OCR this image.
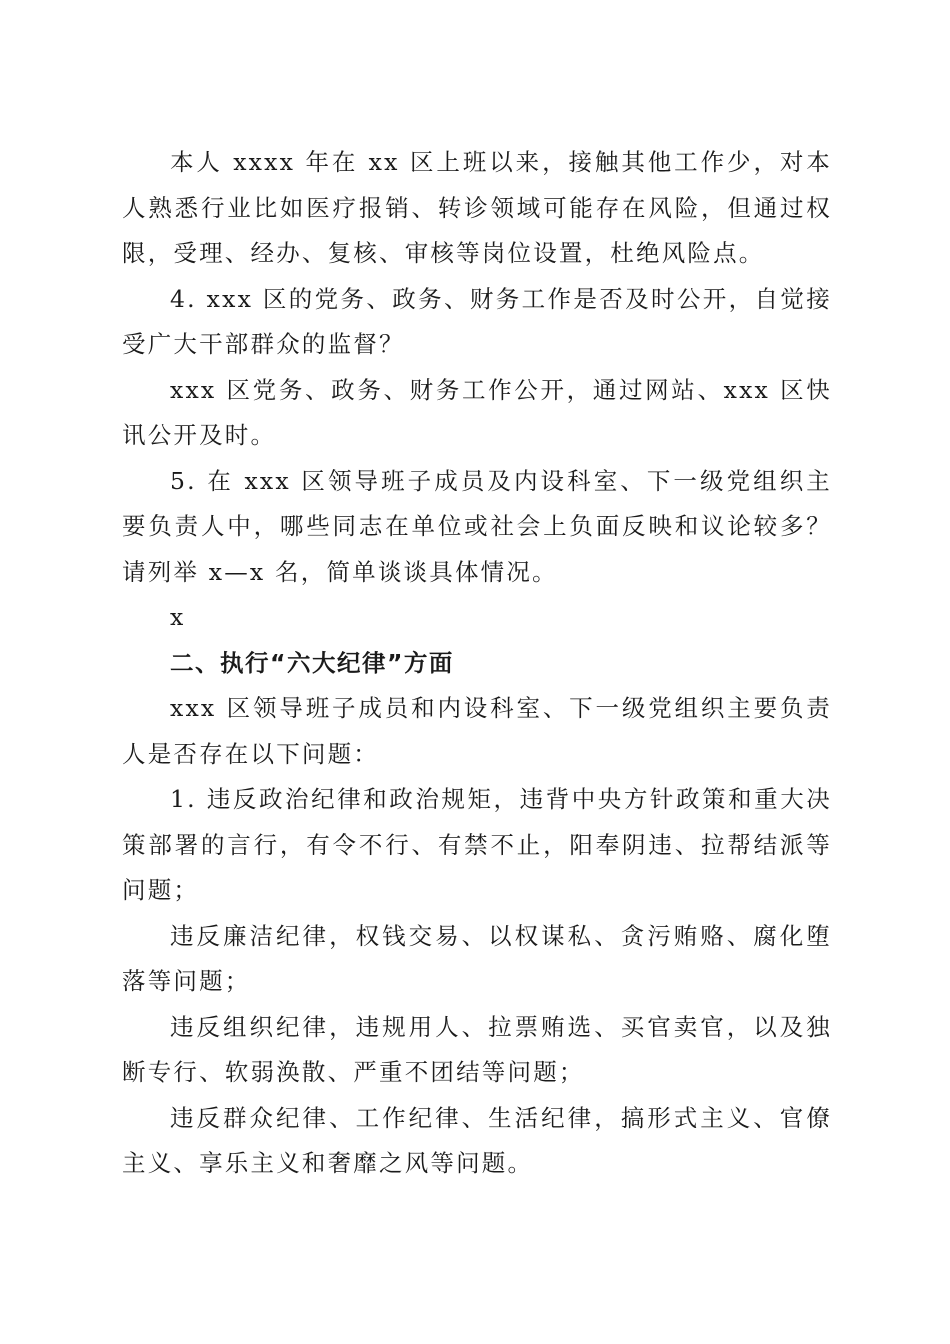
本人 xxxx 年在 xx 区上班以来，接触其他工作少，对本人熟悉行业比如医疗报销、转诊领域可能存在风险，但通过权限，受理、经办、复核、审核等岗位设置，杜绝风险点。

4. xxx 区的党务、政务、财务工作是否及时公开，自觉接受广大干部群众的监督？

xxx 区党务、政务、财务工作公开，通过网站、xxx 区快讯公开及时。

5. 在 xxx 区领导班子成员及内设科室、下一级党组织主要负责人中，哪些同志在单位或社会上负面反映和议论较多？请列举 x—x 名，简单谈谈具体情况。

x

二、执行“六大纪律”方面

xxx 区领导班子成员和内设科室、下一级党组织主要负责人是否存在以下问题：

1. 违反政治纪律和政治规矩，违背中央方针政策和重大决策部署的言行，有令不行、有禁不止，阳奉阴违、拉帮结派等问题；

违反廉洁纪律，权钱交易、以权谋私、贪污贿赂、腐化堕落等问题；

违反组织纪律，违规用人、拉票贿选、买官卖官，以及独断专行、软弱涣散、严重不团结等问题；

违反群众纪律、工作纪律、生活纪律，搞形式主义、官僚主义、享乐主义和奢靡之风等问题。
